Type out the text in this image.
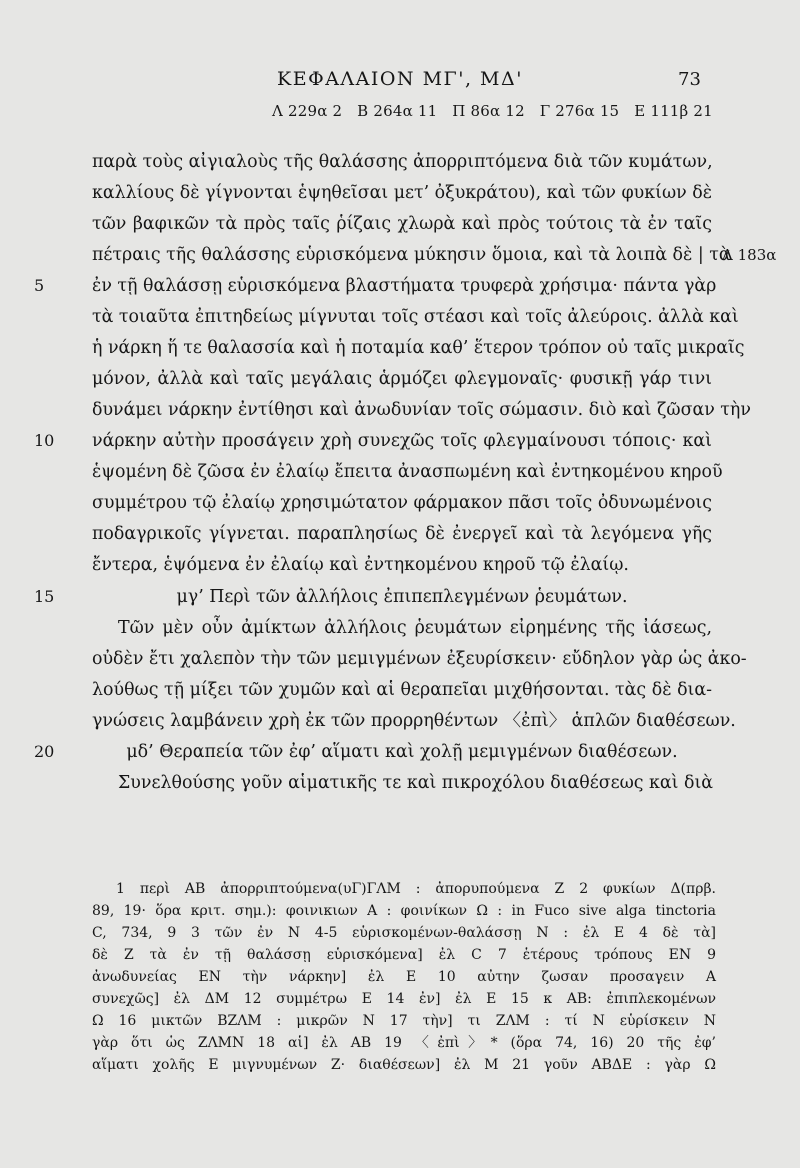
ΚΕΦΑΛΑΙΟΝ ΜΓ', ΜΔ'	73
Λ 229α 2   Β 264α 11   Π 86α 12   Γ 276α 15   Ε 111β 21
παρὰ τοὺς αἰγιαλοὺς τῆς θαλάσσης ἀπορριπτόμενα διὰ τῶν κυμάτων,
καλλίους δὲ γίγνονται ἑψηθεῖσαι μετ’ ὀξυκράτου), καὶ τῶν φυκίων δὲ
τῶν βαφικῶν τὰ πρὸς ταῖς ῥίζαις χλωρὰ καὶ πρὸς τούτοις τὰ ἐν ταῖς
πέτραις τῆς θαλάσσης εὑρισκόμενα μύκησιν ὅμοια, καὶ τὰ λοιπὰ δὲ | τὰ
ἐν τῇ θαλάσσῃ εὑρισκόμενα βλαστήματα τρυφερὰ χρήσιμα· πάντα γὰρ
τὰ τοιαῦτα ἐπιτηδείως μίγνυται τοῖς στέασι καὶ τοῖς ἀλεύροις. ἀλλὰ καὶ
ἡ νάρκη ἥ τε θαλασσία καὶ ἡ ποταμία καθ’ ἕτερον τρόπον οὐ ταῖς μικραῖς
μόνον, ἀλλὰ καὶ ταῖς μεγάλαις ἁρμόζει φλεγμοναῖς· φυσικῇ γάρ τινι
δυνάμει νάρκην ἐντίθησι καὶ ἀνωδυνίαν τοῖς σώμασιν. διὸ καὶ ζῶσαν τὴν
νάρκην αὐτὴν προσάγειν χρὴ συνεχῶς τοῖς φλεγμαίνουσι τόποις· καὶ
ἑψομένη δὲ ζῶσα ἐν ἐλαίῳ ἔπειτα ἀνασπωμένη καὶ ἐντηκομένου κηροῦ
συμμέτρου τῷ ἐλαίῳ χρησιμώτατον φάρμακον πᾶσι τοῖς ὀδυνωμένοις
ποδαγρικοῖς γίγνεται. παραπλησίως δὲ ἐνεργεῖ καὶ τὰ λεγόμενα γῆς
ἔντερα, ἑψόμενα ἐν ἐλαίῳ καὶ ἐντηκομένου κηροῦ τῷ ἐλαίῳ.
μγ’ Περὶ τῶν ἀλλήλοις ἐπιπεπλεγμένων ῥευμάτων.
Τῶν μὲν οὖν ἀμίκτων ἀλλήλοις ῥευμάτων εἰρημένης τῆς ἰάσεως,
οὐδὲν ἔτι χαλεπὸν τὴν τῶν μεμιγμένων ἐξευρίσκειν· εὔδηλον γὰρ ὡς ἀκο-
λούθως τῇ μίξει τῶν χυμῶν καὶ αἱ θεραπεῖαι μιχθήσονται. τὰς δὲ δια-
γνώσεις λαμβάνειν χρὴ ἐκ τῶν προρρηθέντων 〈ἐπὶ〉 ἁπλῶν διαθέσεων.
μδ’ Θεραπεία τῶν ἐφ’ αἵματι καὶ χολῇ μεμιγμένων διαθέσεων.
Συνελθούσης γοῦν αἱματικῆς τε καὶ πικροχόλου διαθέσεως καὶ διὰ
Λ 183α
5
10
15
20
1 περὶ ΑΒ ἀπορριπτούμενα(υΓ)ΓΛΜ : ἀπορυπούμενα Ζ 2 φυκίων Δ(πρβ.
89, 19· ὅρα κριτ. σημ.): φοινικιων Α : φοινίκων Ω : in Fuco sive alga tinctoria
C, 734, 9 3 τῶν ἐν Ν 4-5 εὑρισκομένων-θαλάσσῃ Ν : ἐλ Ε 4 δὲ τὰ]
δὲ Ζ τὰ ἐν τῇ θαλάσσῃ εὑρισκόμενα] ἐλ C 7 ἑτέρους τρόπους ΕΝ 9
ἀνωδυνείας ΕΝ τὴν νάρκην] ἐλ Ε 10 αὐτην ζωσαν προσαγειν Α
συνεχῶς] ἐλ ΔΜ 12 συμμέτρω Ε 14 ἐν] ἐλ Ε 15 κ ΑΒ: ἐπιπλεκομένων
Ω 16 μικτῶν ΒΖΛΜ : μικρῶν Ν 17 τὴν] τι ΖΛΜ : τί Ν εὑρίσκειν Ν
γὰρ ὅτι ὡς ΖΛΜΝ 18 αἱ] ἐλ ΑΒ 19 〈ἐπὶ〉* (ὅρα 74, 16) 20 τῆς ἐφ’
αἵματι χολῆς Ε μιγνυμένων Ζ· διαθέσεων] ἐλ Μ 21 γοῦν ΑΒΔΕ : γὰρ Ω
